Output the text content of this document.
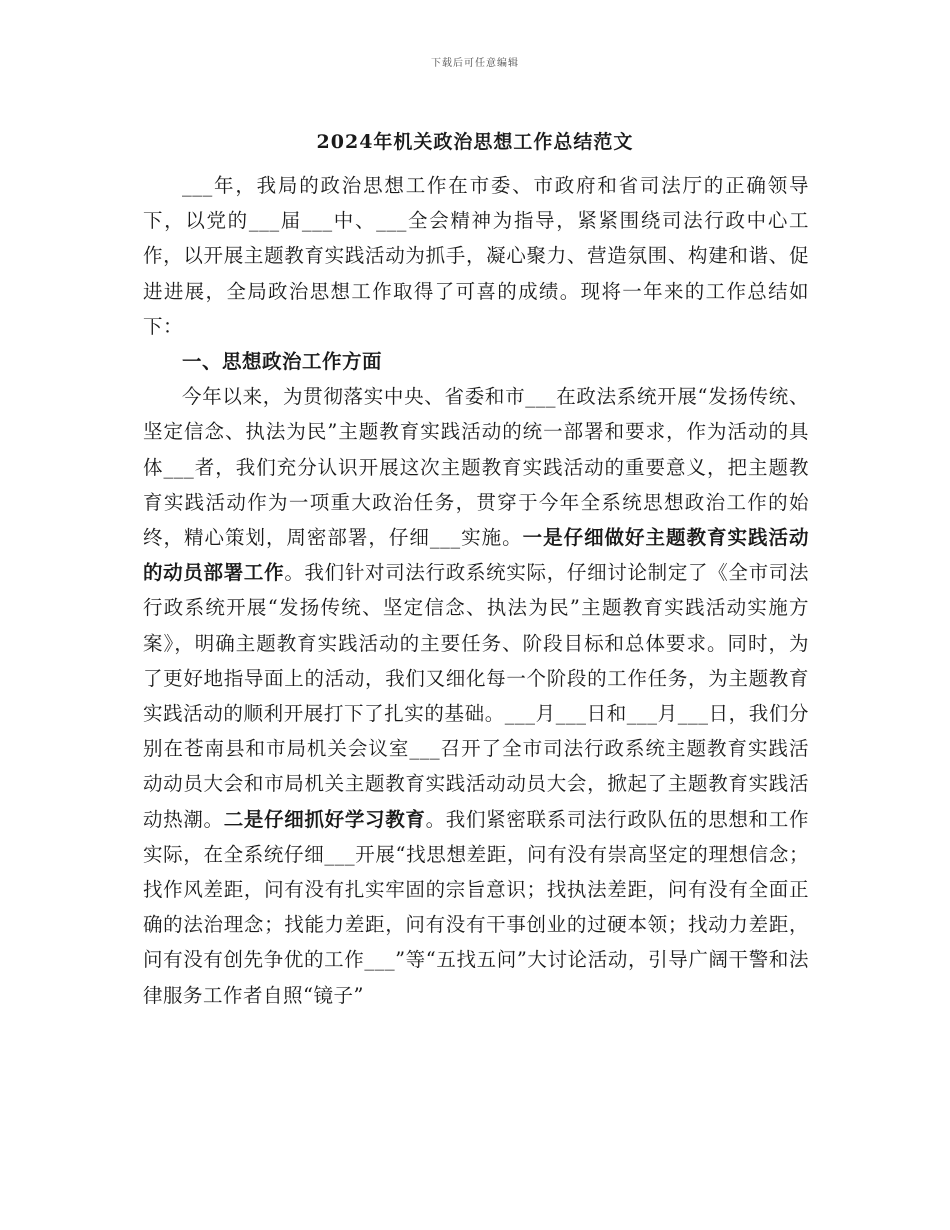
下载后可任意编辑
2024年机关政治思想工作总结范文

___年，我局的政治思想工作在市委、市政府和省司法厅的正确领导下，以党的___届___中、___全会精神为指导，紧紧围绕司法行政中心工作，以开展主题教育实践活动为抓手，凝心聚力、营造氛围、构建和谐、促进进展，全局政治思想工作取得了可喜的成绩。现将一年来的工作总结如下：

一、思想政治工作方面

今年以来，为贯彻落实中央、省委和市___在政法系统开展“发扬传统、坚定信念、执法为民”主题教育实践活动的统一部署和要求，作为活动的具体___者，我们充分认识开展这次主题教育实践活动的重要意义，把主题教育实践活动作为一项重大政治任务，贯穿于今年全系统思想政治工作的始终，精心策划，周密部署，仔细___实施。一是仔细做好主题教育实践活动的动员部署工作。我们针对司法行政系统实际，仔细讨论制定了《全市司法行政系统开展“发扬传统、坚定信念、执法为民”主题教育实践活动实施方案》，明确主题教育实践活动的主要任务、阶段目标和总体要求。同时，为了更好地指导面上的活动，我们又细化每一个阶段的工作任务，为主题教育实践活动的顺利开展打下了扎实的基础。___月___日和___月___日，我们分别在苍南县和市局机关会议室___召开了全市司法行政系统主题教育实践活动动员大会和市局机关主题教育实践活动动员大会，掀起了主题教育实践活动热潮。二是仔细抓好学习教育。我们紧密联系司法行政队伍的思想和工作实际，在全系统仔细___开展“找思想差距，问有没有崇高坚定的理想信念；找作风差距，问有没有扎实牢固的宗旨意识；找执法差距，问有没有全面正确的法治理念；找能力差距，问有没有干事创业的过硬本领；找动力差距，问有没有创先争优的工作___”等“五找五问”大讨论活动，引导广阔干警和法律服务工作者自照“镜子”
